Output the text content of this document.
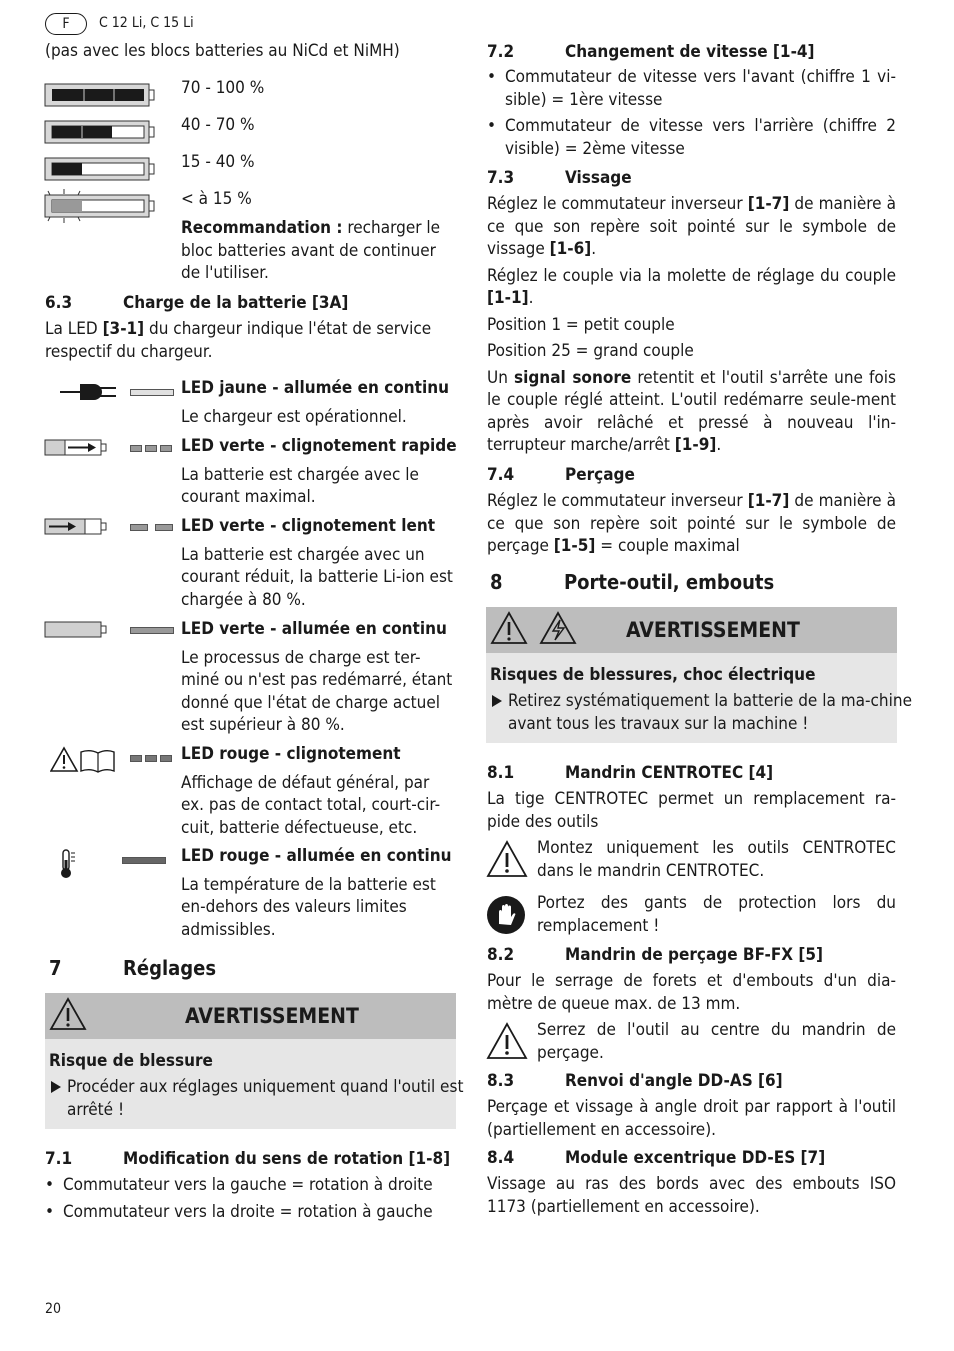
F	C 12 Li, C 15 Li

(pas avec les blocs batteries au NiCd et NiMH)

70 - 100 %

40 - 70 %

15 - 40 %

< à 15 %

Recommandation : recharger le bloc batteries avant de continuer de l'utiliser.

6.3	Charge de la batterie [3A]

La LED [3-1] du chargeur indique l'état de service respectif du chargeur.

LED jaune - allumée en continu

Le chargeur est opérationnel.

LED verte - clignotement rapide

La batterie est chargée avec le courant maximal.

LED verte - clignotement lent

La batterie est chargée avec un courant réduit, la batterie Li-ion est chargée à 80 %.

LED verte - allumée en continu

Le processus de charge est ter-miné ou n'est pas redémarré, étant donné que l'état de charge actuel est supérieur à 80 %.

LED rouge - clignotement

Affichage de défaut général, par ex. pas de contact total, court-cir-cuit, batterie défectueuse, etc.

LED rouge - allumée en continu

La température de la batterie est en-dehors des valeurs limites admissibles.

7	Réglages
AVERTISSEMENT

Risque de blessure

Procéder aux réglages uniquement quand l'outil est arrêté !

7.1	Modification du sens de rotation [1-8]

• Commutateur vers la gauche = rotation à droite

• Commutateur vers la droite = rotation à gauche

7.2	Changement de vitesse [1-4]

• Commutateur de vitesse vers l'avant (chiffre 1 vi-sible) = 1ère vitesse

• Commutateur de vitesse vers l'arrière (chiffre 2 visible) = 2ème vitesse

7.3	Vissage

Réglez le commutateur inverseur [1-7] de manière à ce que son repère soit pointé sur le symbole de vissage [1-6].

Réglez le couple via la molette de réglage du couple [1-1].

Position 1 = petit couple

Position 25 = grand couple

Un signal sonore retentit et l'outil s'arrête une fois le couple réglé atteint. L'outil redémarre seule-ment après avoir relâché et pressé à nouveau l'in-terrupteur marche/arrêt [1-9].

7.4	Perçage

Réglez le commutateur inverseur [1-7] de manière à ce que son repère soit pointé sur le symbole de perçage [1-5] = couple maximal

8	Porte-outil, embouts
AVERTISSEMENT

Risques de blessures, choc électrique

Retirez systématiquement la batterie de la ma-chine avant tous les travaux sur la machine !

8.1	Mandrin CENTROTEC [4]

La tige CENTROTEC permet un remplacement ra-pide des outils

Montez uniquement les outils CENTROTEC dans le mandrin CENTROTEC.

Portez des gants de protection lors du remplacement !

8.2	Mandrin de perçage BF-FX [5]

Pour le serrage de forets et d'embouts d'un dia-mètre de queue max. de 13 mm.

Serrez de l'outil au centre du mandrin de perçage.

8.3	Renvoi d'angle DD-AS [6]

Perçage et vissage à angle droit par rapport à l'outil (partiellement en accessoire).

8.4	Module excentrique DD-ES [7]

Vissage au ras des bords avec des embouts ISO 1173 (partiellement en accessoire).

20
